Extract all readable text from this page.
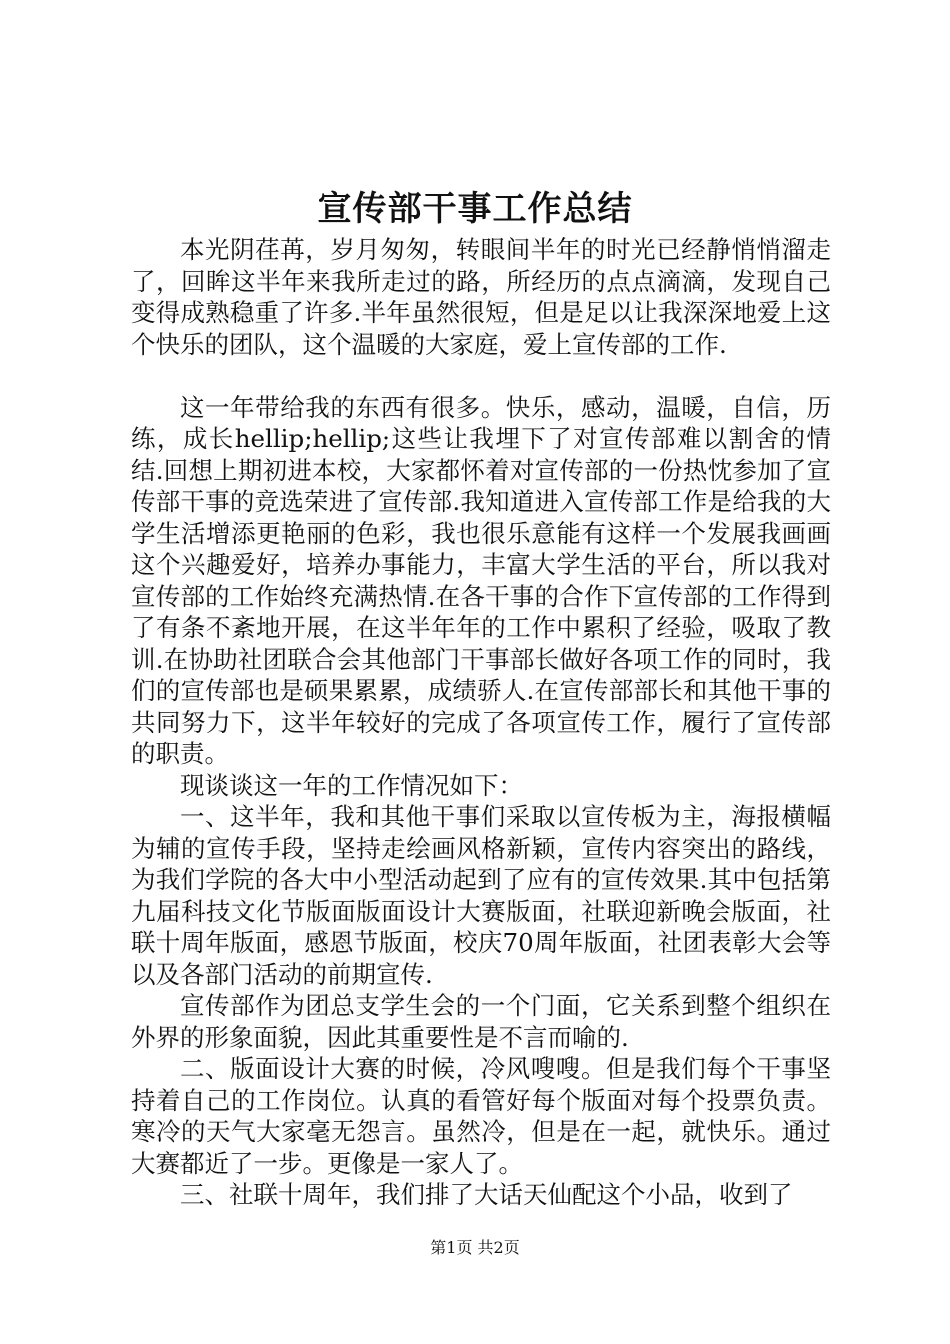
宣传部干事工作总结

本光阴荏苒，岁月匆匆，转眼间半年的时光已经静悄悄溜走了，回眸这半年来我所走过的路，所经历的点点滴滴，发现自己变得成熟稳重了许多.半年虽然很短，但是足以让我深深地爱上这个快乐的团队，这个温暖的大家庭，爱上宣传部的工作.

这一年带给我的东西有很多。快乐，感动，温暖，自信，历练，成长hellip;hellip;这些让我埋下了对宣传部难以割舍的情结.回想上期初进本校，大家都怀着对宣传部的一份热忱参加了宣传部干事的竞选荣进了宣传部.我知道进入宣传部工作是给我的大学生活增添更艳丽的色彩，我也很乐意能有这样一个发展我画画这个兴趣爱好，培养办事能力，丰富大学生活的平台，所以我对宣传部的工作始终充满热情.在各干事的合作下宣传部的工作得到了有条不紊地开展，在这半年年的工作中累积了经验，吸取了教训.在协助社团联合会其他部门干事部长做好各项工作的同时，我们的宣传部也是硕果累累，成绩骄人.在宣传部部长和其他干事的共同努力下，这半年较好的完成了各项宣传工作，履行了宣传部的职责。

现谈谈这一年的工作情况如下：

一、这半年，我和其他干事们采取以宣传板为主，海报横幅为辅的宣传手段，坚持走绘画风格新颖，宣传内容突出的路线，为我们学院的各大中小型活动起到了应有的宣传效果.其中包括第九届科技文化节版面版面设计大赛版面，社联迎新晚会版面，社联十周年版面，感恩节版面，校庆70周年版面，社团表彰大会等以及各部门活动的前期宣传.

宣传部作为团总支学生会的一个门面，它关系到整个组织在外界的形象面貌，因此其重要性是不言而喻的.

二、版面设计大赛的时候，冷风嗖嗖。但是我们每个干事坚持着自己的工作岗位。认真的看管好每个版面对每个投票负责。寒冷的天气大家毫无怨言。虽然冷，但是在一起，就快乐。通过大赛都近了一步。更像是一家人了。

三、社联十周年，我们排了大话天仙配这个小品，收到了

第1页 共2页
